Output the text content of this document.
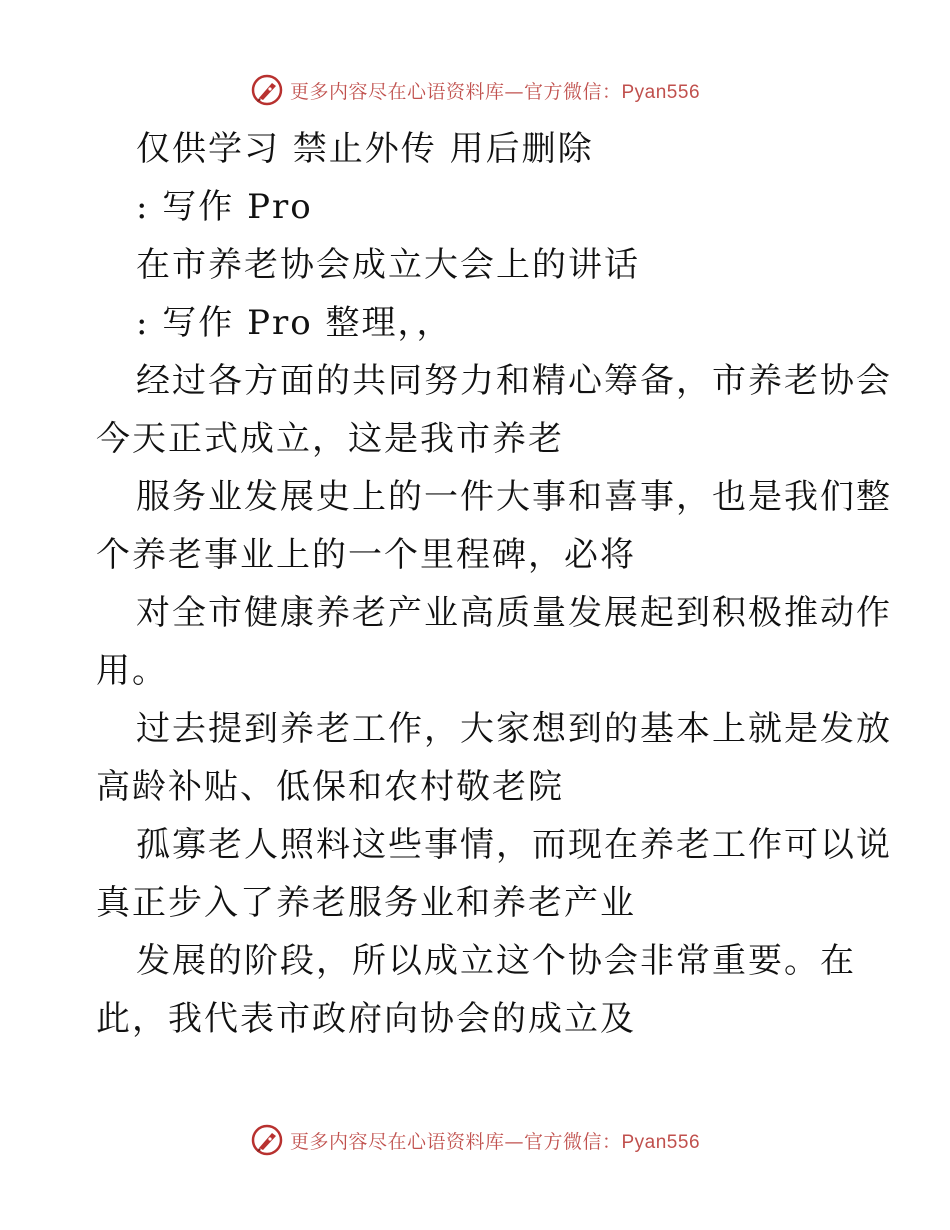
更多内容尽在心语资料库—官方微信：Pyan556
仅供学习 禁止外传 用后删除
: 写作 Pro
在市养老协会成立大会上的讲话
: 写作 Pro 整理，，
经过各方面的共同努力和精心筹备，市养老协会
今天正式成立，这是我市养老
服务业发展史上的一件大事和喜事，也是我们整
个养老事业上的一个里程碑，必将
对全市健康养老产业高质量发展起到积极推动作
用。
过去提到养老工作，大家想到的基本上就是发放
高龄补贴、低保和农村敬老院
孤寡老人照料这些事情，而现在养老工作可以说
真正步入了养老服务业和养老产业
发展的阶段，所以成立这个协会非常重要。在
此，我代表市政府向协会的成立及
更多内容尽在心语资料库—官方微信：Pyan556
